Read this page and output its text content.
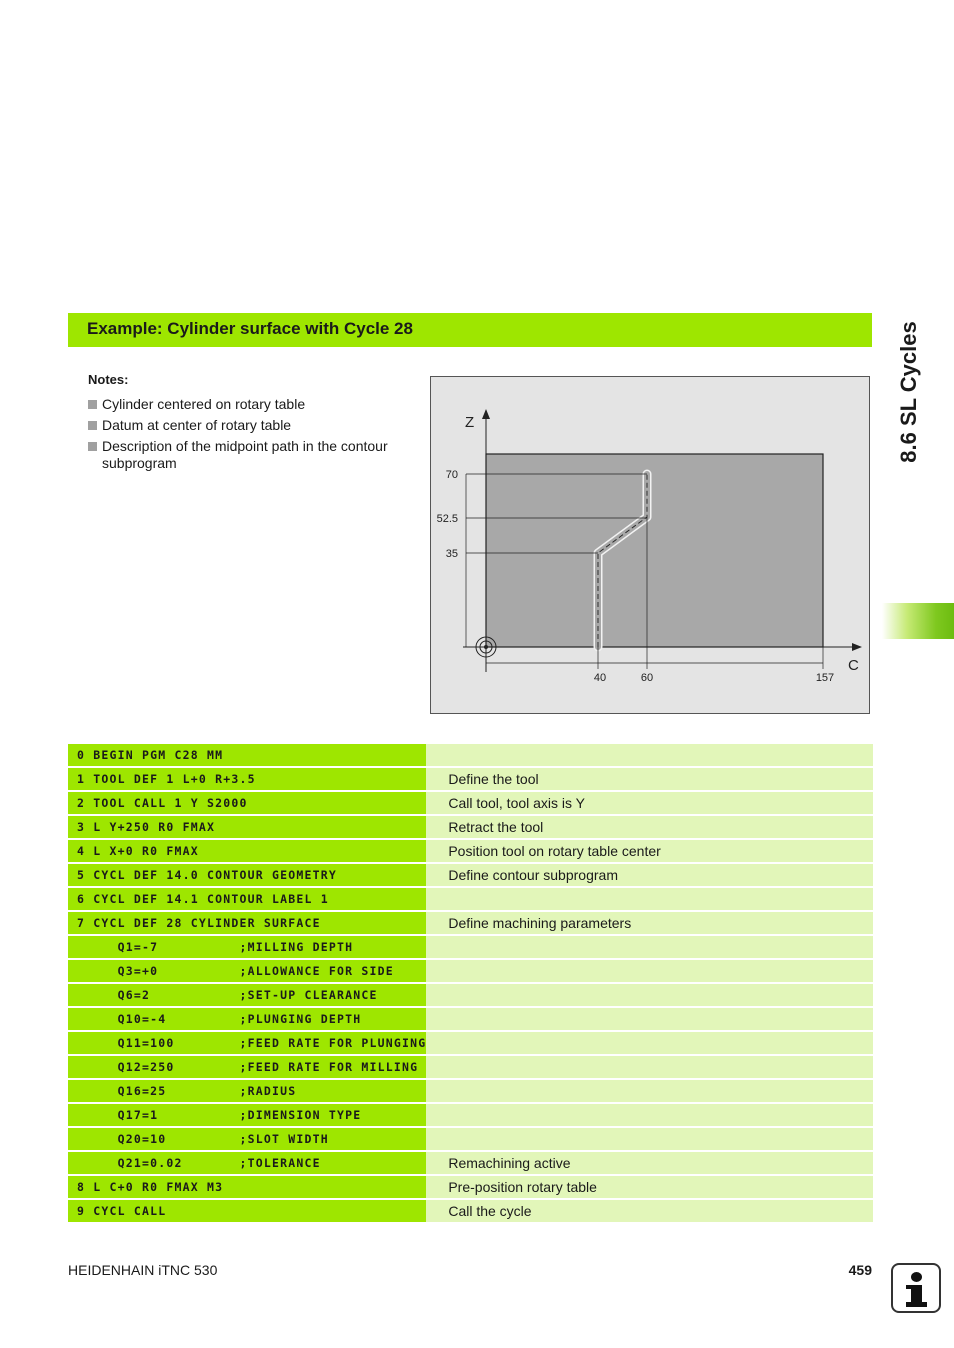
Example: Cylinder surface with Cycle 28	8.6 SL Cycles
Notes:
Cylinder centered on rotary table
Datum at center of rotary table
Description of the midpoint path in the contour subprogram
Z
C
70
52.5
35
40	60	157
0 BEGIN PGM C28 MM		
1 TOOL DEF 1 L+0 R+3.5		Define the tool
2 TOOL CALL 1 Y S2000		Call tool, tool axis is Y
3 L Y+250 R0 FMAX		Retract the tool
4 L X+0 R0 FMAX		Position tool on rotary table center
5 CYCL DEF 14.0 CONTOUR GEOMETRY		Define contour subprogram
6 CYCL DEF 14.1 CONTOUR LABEL 1		
7 CYCL DEF 28 CYLINDER SURFACE		Define machining parameters
Q1=-7          ;MILLING DEPTH		
Q3=+0          ;ALLOWANCE FOR SIDE		
Q6=2           ;SET-UP CLEARANCE		
Q10=-4         ;PLUNGING DEPTH		
Q11=100        ;FEED RATE FOR PLUNGING		
Q12=250        ;FEED RATE FOR MILLING		
Q16=25         ;RADIUS		
Q17=1          ;DIMENSION TYPE		
Q20=10         ;SLOT WIDTH		
Q21=0.02       ;TOLERANCE		Remachining active
8 L C+0 R0 FMAX M3		Pre-position rotary table
9 CYCL CALL		Call the cycle
HEIDENHAIN iTNC 530	459
